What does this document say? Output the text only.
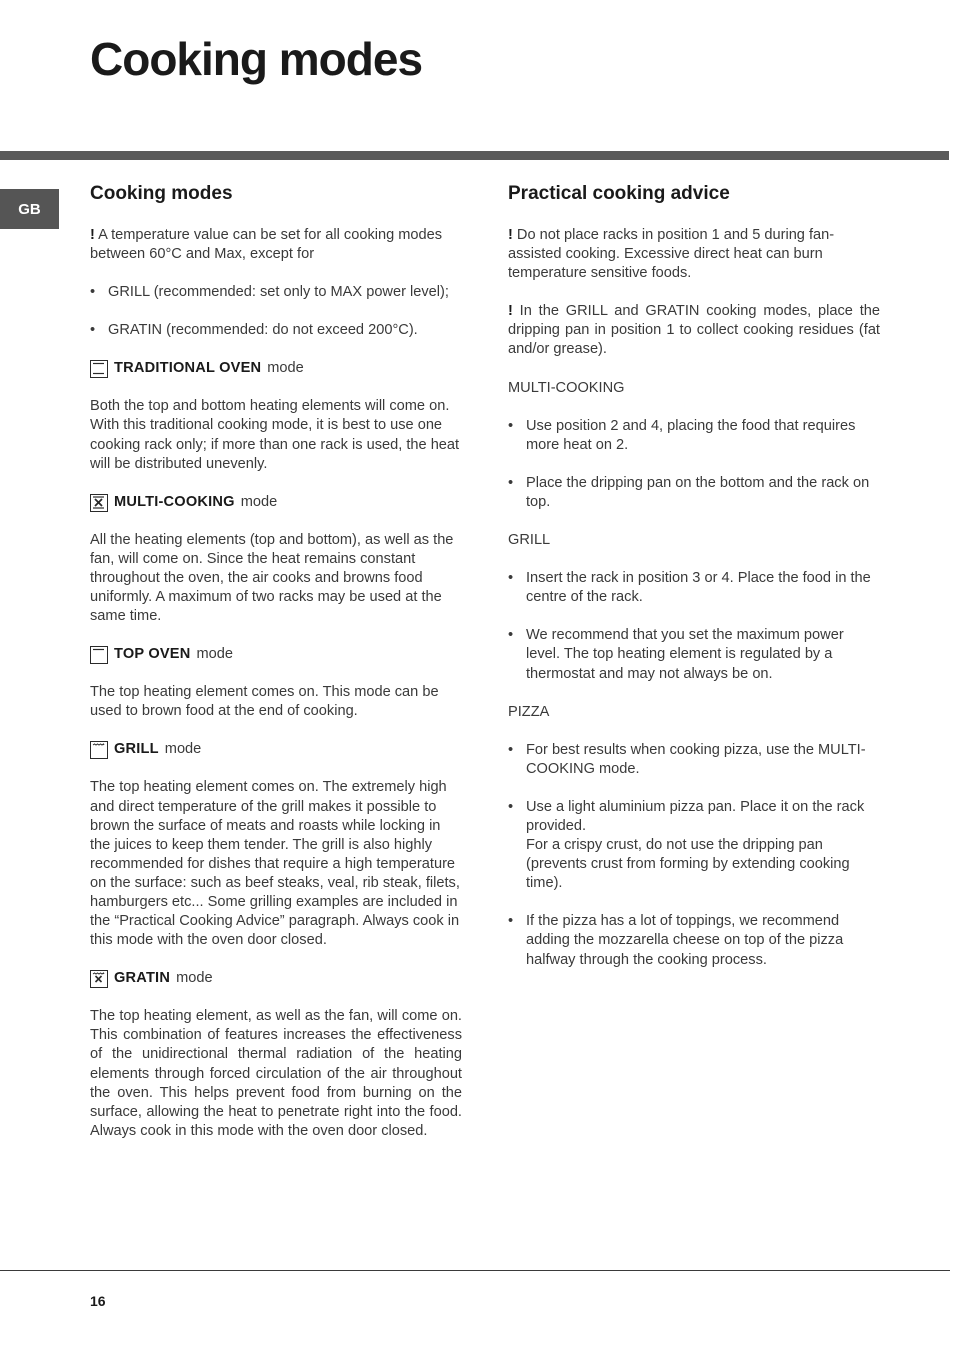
Cooking modes
GB
Cooking modes

! A temperature value can be set for all cooking modes between 60°C and Max, except for

• GRILL (recommended: set only to MAX power level);
• GRATIN (recommended: do not exceed 200°C).
TRADITIONAL OVEN mode

Both the top and bottom heating elements will come on. With this traditional cooking mode, it is best to use one cooking rack only; if more than one rack is used, the heat will be distributed unevenly.

MULTI-COOKING mode

All the heating elements (top and bottom), as well as the fan, will come on. Since the heat remains constant throughout the oven, the air cooks and browns food uniformly. A maximum of two racks may be used at the same time.

TOP OVEN mode

The top heating element comes on. This mode can be used to brown food at the end of cooking.

GRILL mode

The top heating element comes on. The extremely high and direct temperature of the grill makes it possible to brown the surface of meats and roasts while locking in the juices to keep them tender. The grill is also highly recommended for dishes that require a high temperature on the surface: such as beef steaks, veal, rib steak, filets, hamburgers etc... Some grilling examples are included in the “Practical Cooking Advice” paragraph. Always cook in this mode with the oven door closed.

GRATIN mode

The top heating element, as well as the fan, will come on. This combination of features increases the effectiveness of the unidirectional thermal radiation of the heating elements through forced circulation of the air throughout the oven. This helps prevent food from burning on the surface, allowing the heat to penetrate right into the food. Always cook in this mode with the oven door closed.

Practical cooking advice

! Do not place racks in position 1 and 5 during fan-assisted cooking. Excessive direct heat can burn temperature sensitive foods.

! In the GRILL and GRATIN cooking modes, place the dripping pan in position 1 to collect cooking residues (fat and/or grease).

MULTI-COOKING
• Use position 2 and 4, placing the food that requires more heat on 2.
• Place the dripping pan on the bottom and the rack on top.
GRILL
• Insert the rack in position 3 or 4. Place the food in the centre of the rack.
• We recommend that you set the maximum power level. The top heating element is regulated by a thermostat and may not always be on.
PIZZA
• For best results when cooking pizza, use the MULTI-COOKING mode.
• Use a light aluminium pizza pan. Place it on the rack provided.
For a crispy crust, do not use the dripping pan (prevents crust from forming by extending cooking time).
• If the pizza has a lot of toppings, we recommend adding the mozzarella cheese on top of the pizza halfway through the cooking process.
16
